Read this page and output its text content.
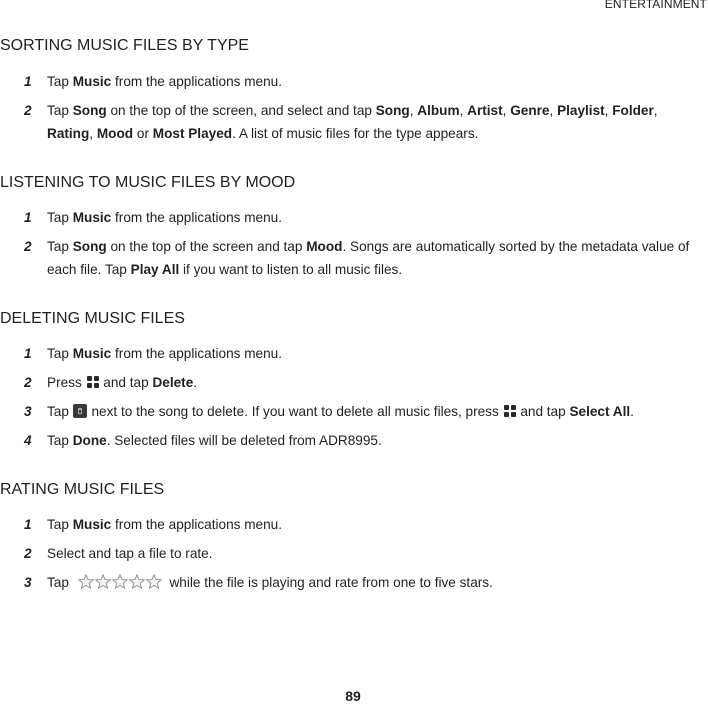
ENTERTAINMENT
SORTING MUSIC FILES BY TYPE
1 Tap Music from the applications menu.
2 Tap Song on the top of the screen, and select and tap Song, Album, Artist, Genre, Playlist, Folder, Rating, Mood or Most Played. A list of music files for the type appears.
LISTENING TO MUSIC FILES BY MOOD
1 Tap Music from the applications menu.
2 Tap Song on the top of the screen and tap Mood. Songs are automatically sorted by the metadata value of each file. Tap Play All if you want to listen to all music files.
DELETING MUSIC FILES
1 Tap Music from the applications menu.
2 Press
and tap Delete.
3 Tap
next to the song to delete. If you want to delete all music files, press
and tap Select All.
4 Tap Done. Selected files will be deleted from ADR8995.
RATING MUSIC FILES
1 Tap Music from the applications menu.
2 Select and tap a file to rate.
3 Tap	while the file is playing and rate from one to five stars.
89
